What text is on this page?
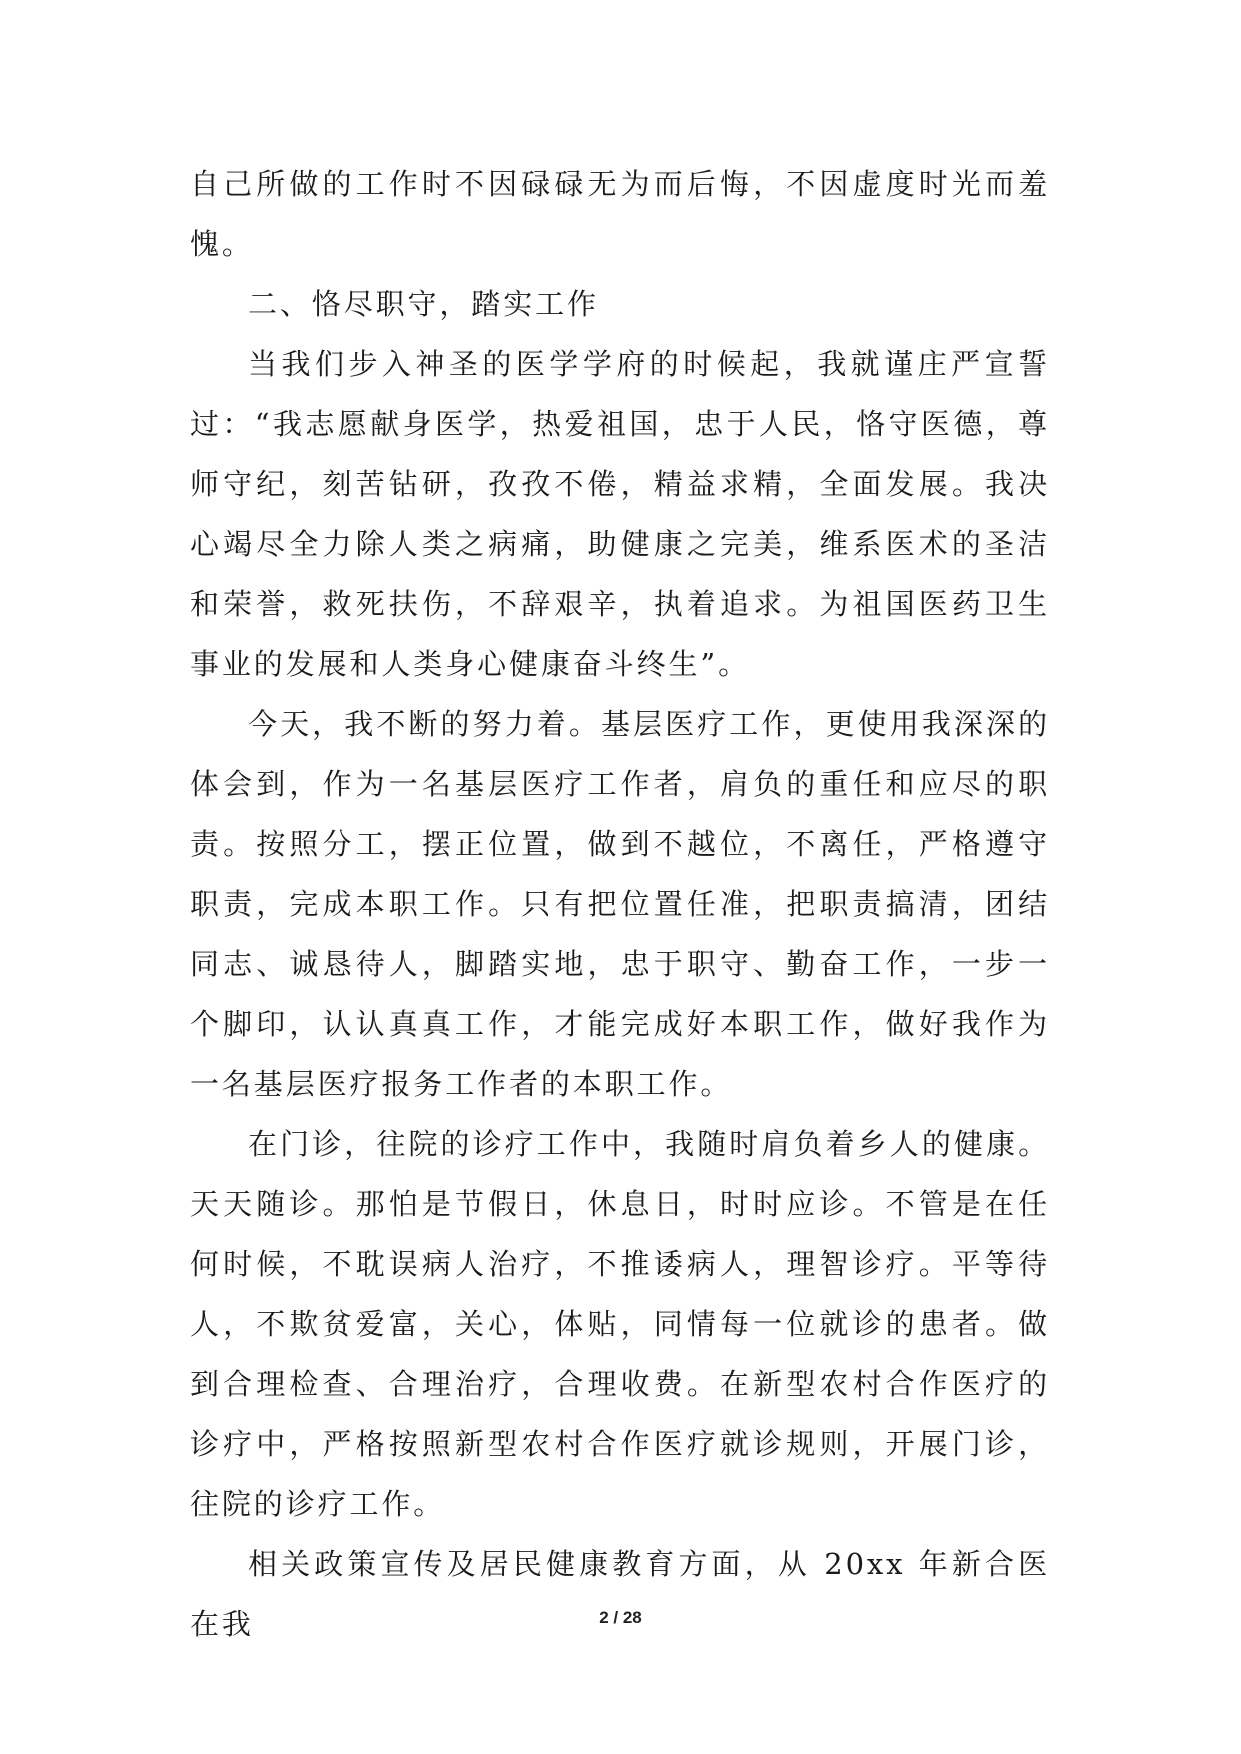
自己所做的工作时不因碌碌无为而后悔，不因虚度时光而羞愧。

二、恪尽职守，踏实工作

当我们步入神圣的医学学府的时候起，我就谨庄严宣誓过：“我志愿献身医学，热爱祖国，忠于人民，恪守医德，尊师守纪，刻苦钻研，孜孜不倦，精益求精，全面发展。我决心竭尽全力除人类之病痛，助健康之完美，维系医术的圣洁和荣誉，救死扶伤，不辞艰辛，执着追求。为祖国医药卫生事业的发展和人类身心健康奋斗终生”。

今天，我不断的努力着。基层医疗工作，更使用我深深的体会到，作为一名基层医疗工作者，肩负的重任和应尽的职责。按照分工，摆正位置，做到不越位，不离任，严格遵守职责，完成本职工作。只有把位置任准，把职责搞清，团结同志、诚恳待人，脚踏实地，忠于职守、勤奋工作，一步一个脚印，认认真真工作，才能完成好本职工作，做好我作为一名基层医疗报务工作者的本职工作。

在门诊，往院的诊疗工作中，我随时肩负着乡人的健康。天天随诊。那怕是节假日，休息日，时时应诊。不管是在任何时候，不耽误病人治疗，不推诿病人，理智诊疗。平等待人，不欺贫爱富，关心，体贴，同情每一位就诊的患者。做到合理检查、合理治疗，合理收费。在新型农村合作医疗的诊疗中，严格按照新型农村合作医疗就诊规则，开展门诊，往院的诊疗工作。

相关政策宣传及居民健康教育方面，从 20xx 年新合医在我	2 / 28
